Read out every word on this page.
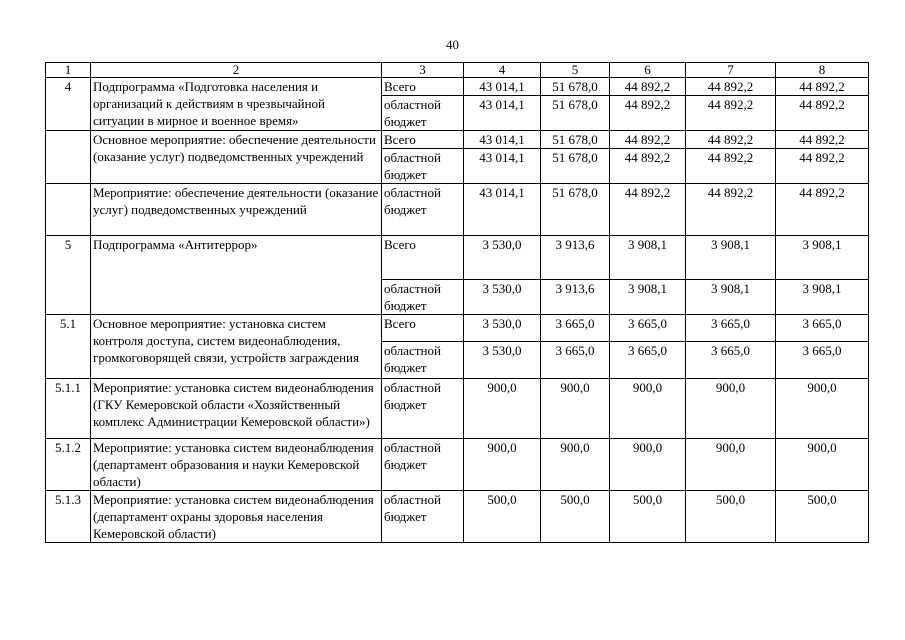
40
1	2	3	4	5	6	7	8
4	Подпрограмма «Подготовка населения и организаций к действиям в чрезвычайной ситуации в мирное и военное время»	Всего	43 014,1	51 678,0	44 892,2	44 892,2	44 892,2
		областной бюджет	43 014,1	51 678,0	44 892,2	44 892,2	44 892,2
	Основное мероприятие: обеспечение деятельности (оказание услуг) подведомственных учреждений	Всего	43 014,1	51 678,0	44 892,2	44 892,2	44 892,2
		областной бюджет	43 014,1	51 678,0	44 892,2	44 892,2	44 892,2
	Мероприятие: обеспечение деятельности (оказание услуг) подведомственных учреждений	областной бюджет	43 014,1	51 678,0	44 892,2	44 892,2	44 892,2
5	Подпрограмма «Антитеррор»	Всего	3 530,0	3 913,6	3 908,1	3 908,1	3 908,1
		областной бюджет	3 530,0	3 913,6	3 908,1	3 908,1	3 908,1
5.1	Основное мероприятие: установка систем контроля доступа, систем видеонаблюдения, громкоговорящей связи, устройств заграждения	Всего	3 530,0	3 665,0	3 665,0	3 665,0	3 665,0
		областной бюджет	3 530,0	3 665,0	3 665,0	3 665,0	3 665,0
5.1.1	Мероприятие: установка систем видеонаблюдения (ГКУ Кемеровской области «Хозяйственный комплекс Администрации Кемеровской области»)	областной бюджет	900,0	900,0	900,0	900,0	900,0
5.1.2	Мероприятие: установка систем видеонаблюдения (департамент образования и науки Кемеровской области)	областной бюджет	900,0	900,0	900,0	900,0	900,0
5.1.3	Мероприятие: установка систем видеонаблюдения (департамент охраны здоровья населения Кемеровской области)	областной бюджет	500,0	500,0	500,0	500,0	500,0
